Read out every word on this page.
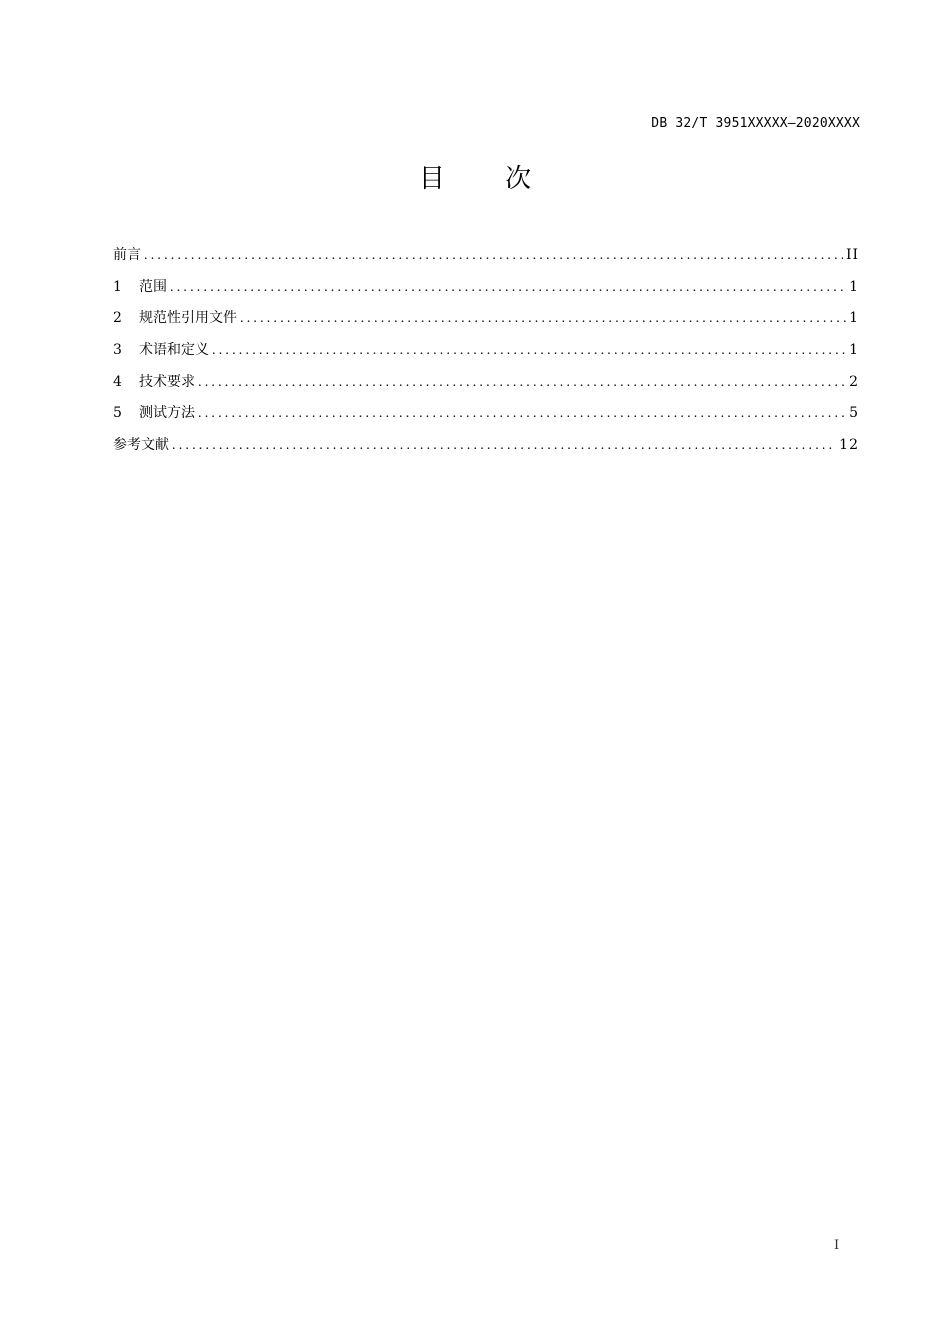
DB 32/T 3951XXXXX—2020XXXX
目 次
前言 .....	II
1	范围 .....	1
2	规范性引用文件 .....	1
3	术语和定义 .....	1
4	技术要求 .....	2
5	测试方法 .....	5
参考文献 .....	12
I
